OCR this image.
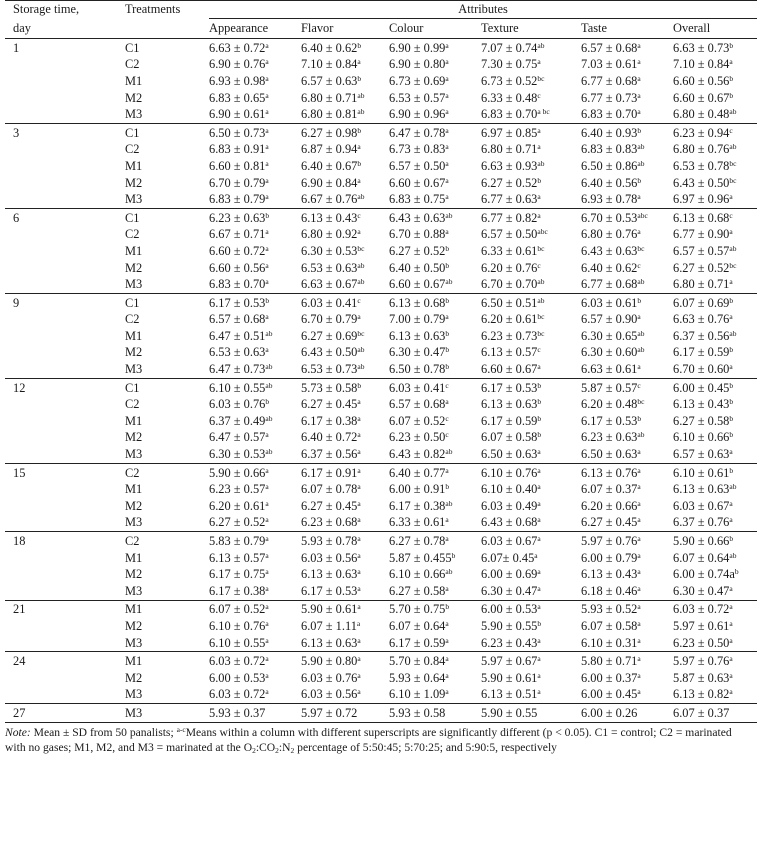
Storage time,	Treatments	Attributes					
day		Appearance	Flavor	Colour	Texture	Taste	Overall
1	C1	6.63 ± 0.72$^a$	6.40 ± 0.62$^b$	6.90 ± 0.99$^a$	7.07 ± 0.74$^{ab}$	6.57 ± 0.68$^a$	6.63 ± 0.73$^b$
	C2	6.90 ± 0.76$^a$	7.10 ± 0.84$^a$	6.90 ± 0.80$^a$	7.30 ± 0.75$^a$	7.03 ± 0.61$^a$	7.10 ± 0.84$^a$
	M1	6.93 ± 0.98$^a$	6.57 ± 0.63$^b$	6.73 ± 0.69$^a$	6.73 ± 0.52$^{bc}$	6.77 ± 0.68$^a$	6.60 ± 0.56$^b$
	M2	6.83 ± 0.65$^a$	6.80 ± 0.71$^{ab}$	6.53 ± 0.57$^a$	6.33 ± 0.48$^c$	6.77 ± 0.73$^a$	6.60 ± 0.67$^b$
	M3	6.90 ± 0.61$^a$	6.80 ± 0.81$^{ab}$	6.90 ± 0.96$^a$	$6.83 \pm 0.70^{a bc}$	6.83 ± 0.70$^a$	6.80 ± 0.48$^{ab}$
3	C1	6.50 ± 0.73$^a$	6.27 ± 0.98$^b$	6.47 ± 0.78$^a$	6.97 ± 0.85$^a$	6.40 ± 0.93$^b$	6.23 ± 0.94$^c$
	C2	6.83 ± 0.91$^a$	6.87 ± 0.94$^a$	6.73 ± 0.83$^a$	6.80 ± 0.71$^a$	6.83 ± 0.83$^{ab}$	6.80 ± 0.76$^{ab}$
	M1	6.60 ± 0.81$^a$	6.40 ± 0.67$^b$	6.57 ± 0.50$^a$	6.63 ± 0.93$^{ab}$	6.50 ± 0.86$^{ab}$	6.53 ± 0.78$^{bc}$
	M2	6.70 ± 0.79$^a$	6.90 ± 0.84$^a$	6.60 ± 0.67$^a$	6.27 ± 0.52$^b$	6.40 ± 0.56$^b$	6.43 ± 0.50$^{bc}$
	M3	6.83 ± 0.79$^a$	6.67 ± 0.76$^{ab}$	6.83 ± 0.75$^a$	6.77 ± 0.63$^a$	6.93 ± 0.78$^a$	6.97 ± 0.96$^a$
6	C1	6.23 ± 0.63$^b$	6.13 ± 0.43$^c$	6.43 ± 0.63$^{ab}$	6.77 ± 0.82$^a$	6.70 ± 0.53$^{abc}$	6.13 ± 0.68$^c$
	C2	6.67 ± 0.71$^a$	6.80 ± 0.92$^a$	6.70 ± 0.88$^a$	6.57 ± 0.50$^{abc}$	6.80 ± 0.76$^a$	6.77 ± 0.90$^a$
	M1	6.60 ± 0.72$^a$	6.30 ± 0.53$^{bc}$	6.27 ± 0.52$^b$	6.33 ± 0.61$^{bc}$	6.43 ± 0.63$^{bc}$	6.57 ± 0.57$^{ab}$
	M2	6.60 ± 0.56$^a$	6.53 ± 0.63$^{ab}$	6.40 ± 0.50$^b$	6.20 ± 0.76$^c$	6.40 ± 0.62$^c$	6.27 ± 0.52$^{bc}$
	M3	6.83 ± 0.70$^a$	6.63 ± 0.67$^{ab}$	6.60 ± 0.67$^{ab}$	6.70 ± 0.70$^{ab}$	6.77 ± 0.68$^{ab}$	6.80 ± 0.71$^a$
9	C1	6.17 ± 0.53$^b$	6.03 ± 0.41$^c$	6.13 ± 0.68$^b$	6.50 ± 0.51$^{ab}$	6.03 ± 0.61$^b$	6.07 ± 0.69$^b$
	C2	6.57 ± 0.68$^a$	6.70 ± 0.79$^a$	7.00 ± 0.79$^a$	6.20 ± 0.61$^{bc}$	6.57 ± 0.90$^a$	6.63 ± 0.76$^a$
	M1	6.47 ± 0.51$^{ab}$	6.27 ± 0.69$^{bc}$	6.13 ± 0.63$^b$	6.23 ± 0.73$^{bc}$	6.30 ± 0.65$^{ab}$	6.37 ± 0.56$^{ab}$
	M2	6.53 ± 0.63$^a$	6.43 ± 0.50$^{ab}$	6.30 ± 0.47$^b$	6.13 ± 0.57$^c$	6.30 ± 0.60$^{ab}$	6.17 ± 0.59$^b$
	M3	6.47 ± 0.73$^{ab}$	6.53 ± 0.73$^{ab}$	6.50 ± 0.78$^b$	6.60 ± 0.67$^a$	6.63 ± 0.61$^a$	6.70 ± 0.60$^a$
12	C1	6.10 ± 0.55$^{ab}$	5.73 ± 0.58$^b$	6.03 ± 0.41$^c$	6.17 ± 0.53$^b$	5.87 ± 0.57$^c$	6.00 ± 0.45$^b$
	C2	6.03 ± 0.76$^b$	6.27 ± 0.45$^a$	6.57 ± 0.68$^a$	6.13 ± 0.63$^b$	6.20 ± 0.48$^{bc}$	6.13 ± 0.43$^b$
	M1	6.37 ± 0.49$^{ab}$	6.17 ± 0.38$^a$	6.07 ± 0.52$^c$	6.17 ± 0.59$^b$	6.17 ± 0.53$^b$	6.27 ± 0.58$^b$
	M2	6.47 ± 0.57$^a$	6.40 ± 0.72$^a$	6.23 ± 0.50$^c$	6.07 ± 0.58$^b$	6.23 ± 0.63$^{ab}$	6.10 ± 0.66$^b$
	M3	6.30 ± 0.53$^{ab}$	6.37 ± 0.56$^a$	6.43 ± 0.82$^{ab}$	6.50 ± 0.63$^a$	6.50 ± 0.63$^a$	6.57 ± 0.63$^a$
15	C2	5.90 ± 0.66$^a$	6.17 ± 0.91$^a$	6.40 ± 0.77$^a$	6.10 ± 0.76$^a$	6.13 ± 0.76$^a$	6.10 ± 0.61$^b$
	M1	6.23 ± 0.57$^a$	6.07 ± 0.78$^a$	6.00 ± 0.91$^b$	6.10 ± 0.40$^a$	6.07 ± 0.37$^a$	6.13 ± 0.63$^{ab}$
	M2	6.20 ± 0.61$^a$	6.27 ± 0.45$^a$	6.17 ± 0.38$^{ab}$	6.03 ± 0.49$^a$	6.20 ± 0.66$^a$	6.03 ± 0.67$^a$
	M3	6.27 ± 0.52$^a$	6.23 ± 0.68$^a$	6.33 ± 0.61$^a$	6.43 ± 0.68$^a$	6.27 ± 0.45$^a$	6.37 ± 0.76$^a$
18	C2	5.83 ± 0.79$^a$	5.93 ± 0.78$^a$	6.27 ± 0.78$^a$	6.03 ± 0.67$^a$	5.97 ± 0.76$^a$	5.90 ± 0.66$^b$
	M1	6.13 ± 0.57$^a$	6.03 ± 0.56$^a$	5.87 ± 0.455$^b$	6.07± 0.45$^a$	6.00 ± 0.79$^a$	6.07 ± 0.64$^{ab}$
	M2	6.17 ± 0.75$^a$	6.13 ± 0.63$^a$	6.10 ± 0.66$^{ab}$	6.00 ± 0.69$^a$	6.13 ± 0.43$^a$	$6.00 \pm 0.74a^b$
	M3	6.17 ± 0.38$^a$	6.17 ± 0.53$^a$	6.27 ± 0.58$^a$	6.30 ± 0.47$^a$	6.18 ± 0.46$^a$	6.30 ± 0.47$^a$
21	M1	6.07 ± 0.52$^a$	5.90 ± 0.61$^a$	5.70 ± 0.75$^b$	6.00 ± 0.53$^a$	5.93 ± 0.52$^a$	6.03 ± 0.72$^a$
	M2	6.10 ± 0.76$^a$	6.07 ± 1.11$^a$	6.07 ± 0.64$^a$	5.90 ± 0.55$^b$	6.07 ± 0.58$^a$	5.97 ± 0.61$^a$
	M3	6.10 ± 0.55$^a$	6.13 ± 0.63$^a$	6.17 ± 0.59$^a$	6.23 ± 0.43$^a$	6.10 ± 0.31$^a$	6.23 ± 0.50$^a$
24	M1	6.03 ± 0.72$^a$	5.90 ± 0.80$^a$	5.70 ± 0.84$^a$	5.97 ± 0.67$^a$	5.80 ± 0.71$^a$	5.97 ± 0.76$^a$
	M2	6.00 ± 0.53$^a$	6.03 ± 0.76$^a$	5.93 ± 0.64$^a$	5.90 ± 0.61$^a$	6.00 ± 0.37$^a$	5.87 ± 0.63$^a$
	M3	6.03 ± 0.72$^a$	6.03 ± 0.56$^a$	6.10 ± 1.09$^a$	6.13 ± 0.51$^a$	6.00 ± 0.45$^a$	6.13 ± 0.82$^a$
27	M3	5.93 ± 0.37	5.97 ± 0.72	5.93 ± 0.58	5.90 ± 0.55	6.00 ± 0.26	6.07 ± 0.37
Note: Mean ± SD from 50 panalists; $^{a-c}$Means within a column with different superscripts are significantly different (p < 0.05). C1 = control; C2 = marinated with no gases; M1, M2, and M3 = marinated at the $O_2:CO_2:N_2$ percentage of 5:50:45; 5:70:25; and 5:90:5, respectively
